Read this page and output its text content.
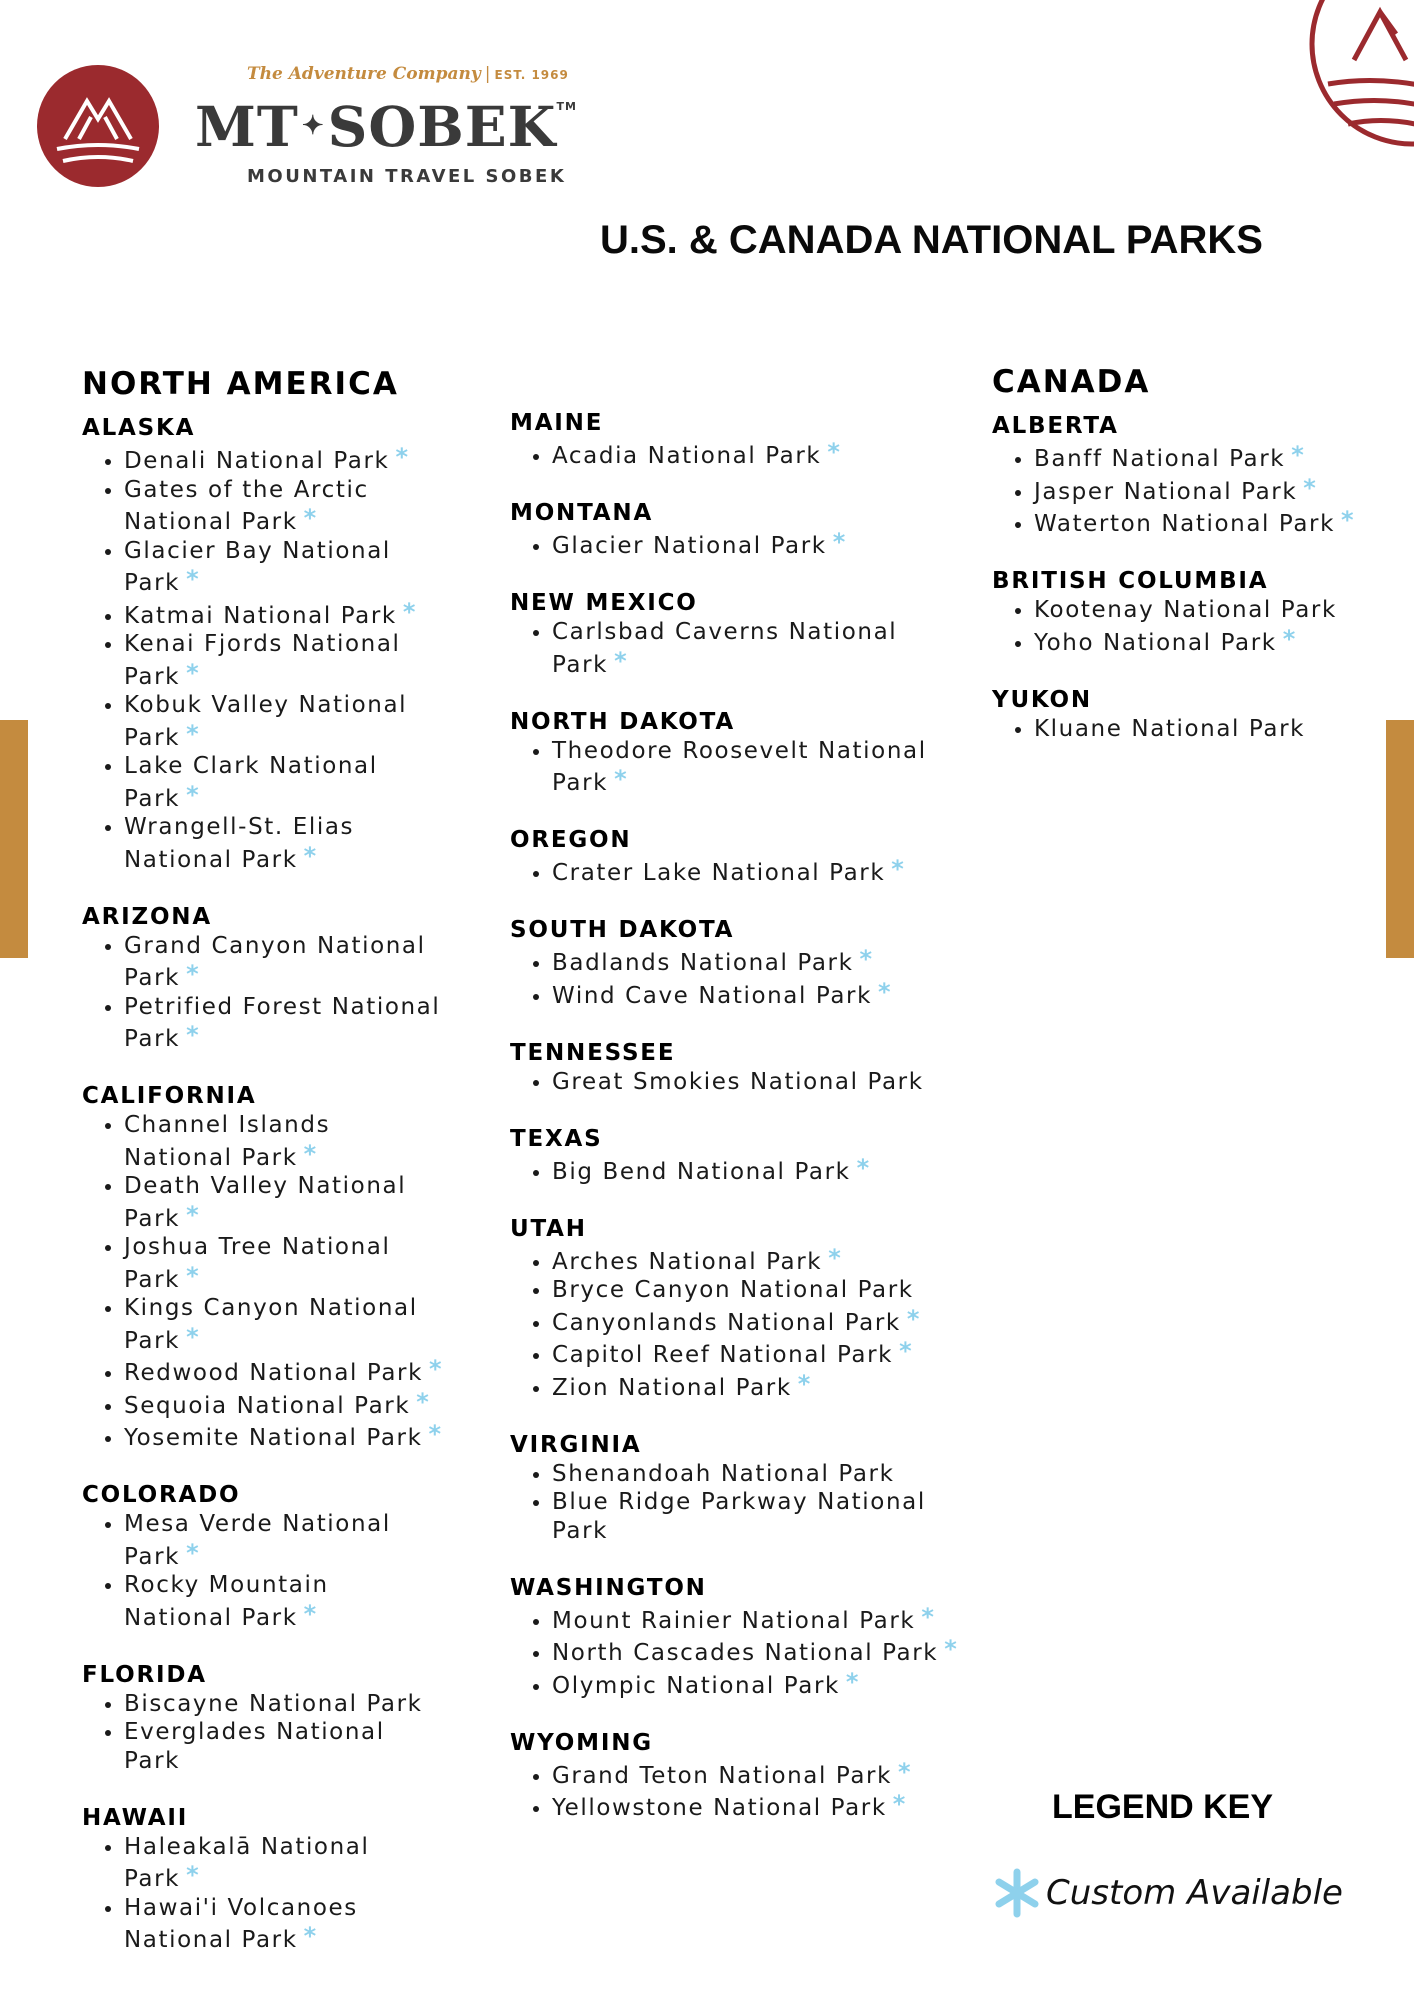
The Adventure Company | EST. 1969
MT ✦SOBEK™
MOUNTAIN TRAVEL SOBEK
U.S. & CANADA NATIONAL PARKS
NORTH AMERICA
ALASKA
• Denali National Park *
• Gates of the Arctic National Park *
• Glacier Bay National Park *
• Katmai National Park *
• Kenai Fjords National Park *
• Kobuk Valley National Park *
• Lake Clark National Park *
• Wrangell-St. Elias National Park *
ARIZONA
• Grand Canyon National Park *
• Petrified Forest National Park *
CALIFORNIA
• Channel Islands National Park *
• Death Valley National Park *
• Joshua Tree National Park *
• Kings Canyon National Park *
• Redwood National Park *
• Sequoia National Park *
• Yosemite National Park *
COLORADO
• Mesa Verde National Park *
• Rocky Mountain National Park *
FLORIDA
• Biscayne National Park
• Everglades National Park
HAWAII
• Haleakalā National Park *
• Hawai'i Volcanoes National Park *
MAINE
• Acadia National Park *
MONTANA
• Glacier National Park *
NEW MEXICO
• Carlsbad Caverns National Park *
NORTH DAKOTA
• Theodore Roosevelt National Park *
OREGON
• Crater Lake National Park *
SOUTH DAKOTA
• Badlands National Park *
• Wind Cave National Park *
TENNESSEE
• Great Smokies National Park
TEXAS
• Big Bend National Park *
UTAH
• Arches National Park *
• Bryce Canyon National Park
• Canyonlands National Park *
• Capitol Reef National Park *
• Zion National Park *
VIRGINIA
• Shenandoah National Park
• Blue Ridge Parkway National Park
WASHINGTON
• Mount Rainier National Park *
• North Cascades National Park *
• Olympic National Park *
WYOMING
• Grand Teton National Park *
• Yellowstone National Park *
CANADA
ALBERTA
• Banff National Park *
• Jasper National Park *
• Waterton National Park *
BRITISH COLUMBIA
• Kootenay National Park
• Yoho National Park *
YUKON
• Kluane National Park
LEGEND KEY
Custom Available
